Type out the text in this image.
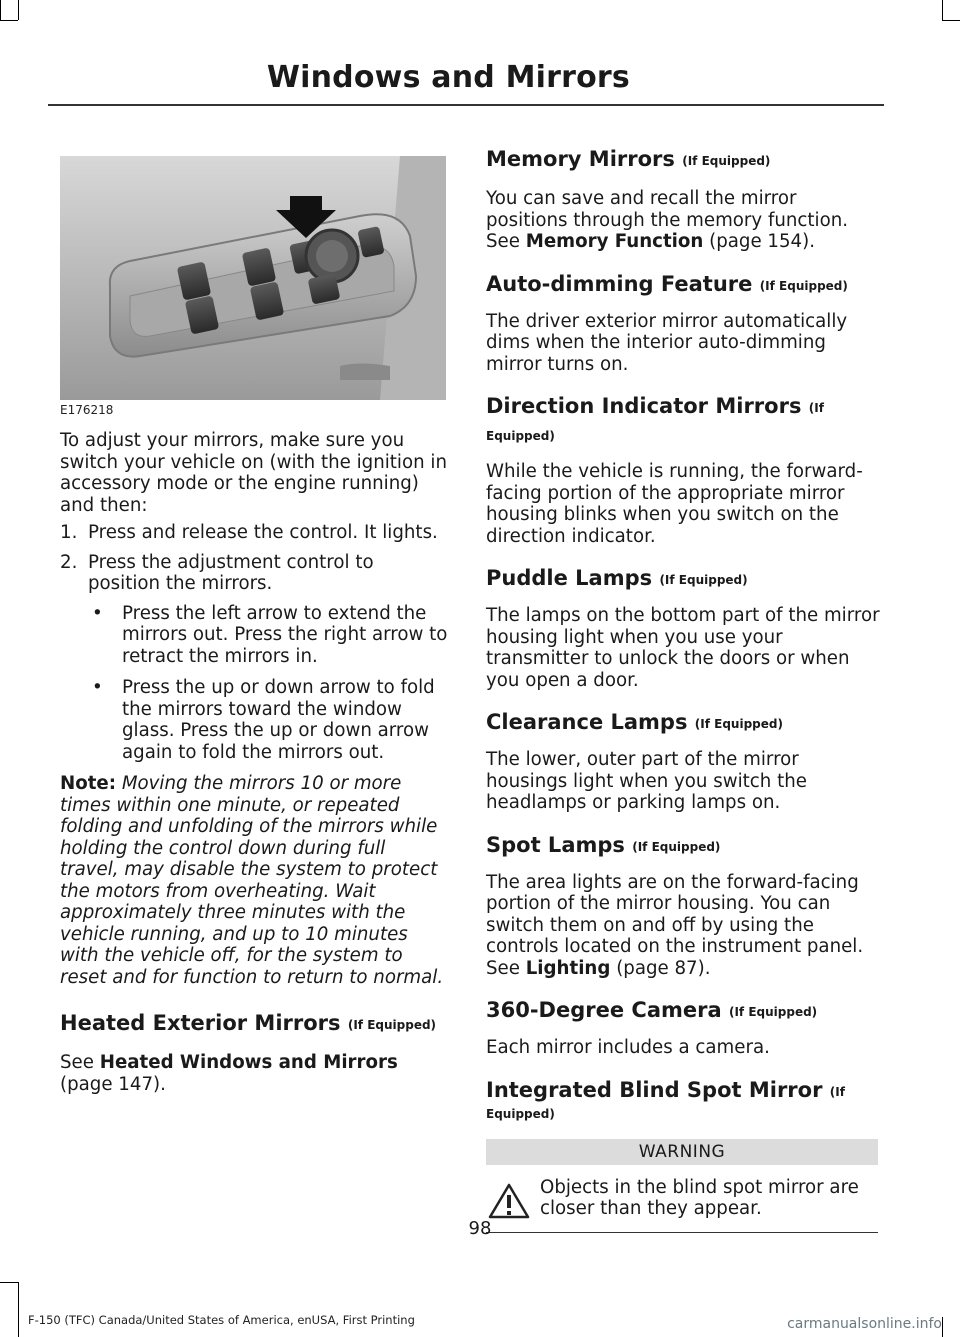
Windows and Mirrors
E176218

To adjust your mirrors, make sure you switch your vehicle on (with the ignition in accessory mode or the engine running) and then:

1. Press and release the control. It lights.
2. Press the adjustment control to position the mirrors.
• Press the left arrow to extend the mirrors out. Press the right arrow to retract the mirrors in.
• Press the up or down arrow to fold the mirrors toward the window glass. Press the up or down arrow again to fold the mirrors out.
Note: Moving the mirrors 10 or more times within one minute, or repeated folding and unfolding of the mirrors while holding the control down during full travel, may disable the system to protect the motors from overheating. Wait approximately three minutes with the vehicle running, and up to 10 minutes with the vehicle off, for the system to reset and for function to return to normal.
Heated Exterior Mirrors (If Equipped)

See Heated Windows and Mirrors (page 147).

Memory Mirrors (If Equipped)

You can save and recall the mirror positions through the memory function. See Memory Function (page 154).

Auto-dimming Feature (If Equipped)

The driver exterior mirror automatically dims when the interior auto-dimming mirror turns on.

Direction Indicator Mirrors (If Equipped)

While the vehicle is running, the forward-facing portion of the appropriate mirror housing blinks when you switch on the direction indicator.

Puddle Lamps (If Equipped)

The lamps on the bottom part of the mirror housing light when you use your transmitter to unlock the doors or when you open a door.

Clearance Lamps (If Equipped)

The lower, outer part of the mirror housings light when you switch the headlamps or parking lamps on.

Spot Lamps (If Equipped)

The area lights are on the forward-facing portion of the mirror housing. You can switch them on and off by using the controls located on the instrument panel. See Lighting (page 87).

360-Degree Camera (If Equipped)

Each mirror includes a camera.

Integrated Blind Spot Mirror (If
Equipped)
WARNING

Objects in the blind spot mirror are closer than they appear.

98
F-150 (TFC) Canada/United States of America, enUSA, First Printing	carmanualsonline.info
